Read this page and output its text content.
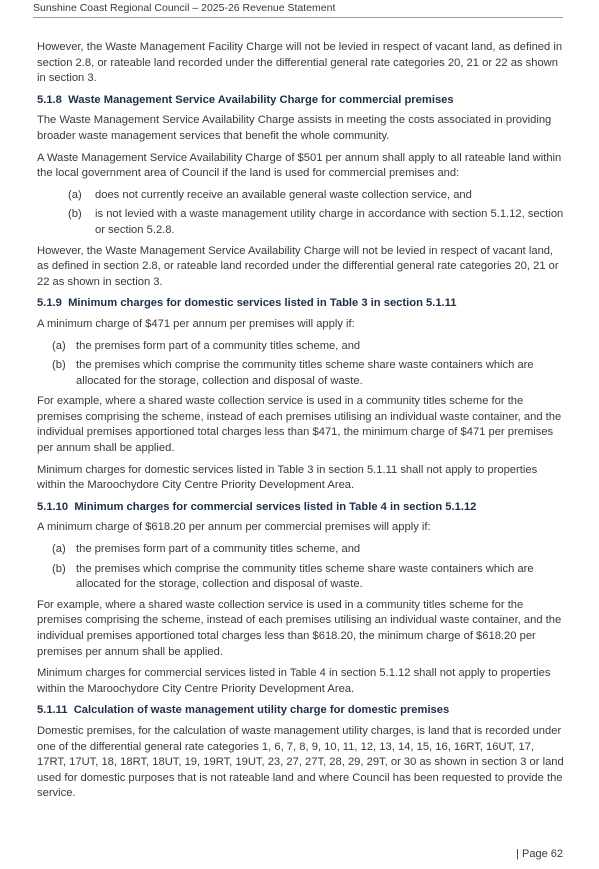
Sunshine Coast Regional Council – 2025-26 Revenue Statement

However, the Waste Management Facility Charge will not be levied in respect of vacant land, as defined in section 2.8, or rateable land recorded under the differential general rate categories 20, 21 or 22 as shown in section 3.

5.1.8 Waste Management Service Availability Charge for commercial premises

The Waste Management Service Availability Charge assists in meeting the costs associated in providing broader waste management services that benefit the whole community.

A Waste Management Service Availability Charge of $501 per annum shall apply to all rateable land within the local government area of Council if the land is used for commercial premises and:

(a)	does not currently receive an available general waste collection service, and
(b)	is not levied with a waste management utility charge in accordance with section 5.1.12, section or section 5.2.8.

However, the Waste Management Service Availability Charge will not be levied in respect of vacant land, as defined in section 2.8, or rateable land recorded under the differential general rate categories 20, 21 or 22 as shown in section 3.

5.1.9 Minimum charges for domestic services listed in Table 3 in section 5.1.11

A minimum charge of $471 per annum per premises will apply if:

(a) the premises form part of a community titles scheme, and
(b) the premises which comprise the community titles scheme share waste containers which are allocated for the storage, collection and disposal of waste.

For example, where a shared waste collection service is used in a community titles scheme for the premises comprising the scheme, instead of each premises utilising an individual waste container, and the individual premises apportioned total charges less than $471, the minimum charge of $471 per premises per annum shall be applied.

Minimum charges for domestic services listed in Table 3 in section 5.1.11 shall not apply to properties within the Maroochydore City Centre Priority Development Area.

5.1.10 Minimum charges for commercial services listed in Table 4 in section 5.1.12

A minimum charge of $618.20 per annum per commercial premises will apply if:

(a) the premises form part of a community titles scheme, and
(b) the premises which comprise the community titles scheme share waste containers which are allocated for the storage, collection and disposal of waste.

For example, where a shared waste collection service is used in a community titles scheme for the premises comprising the scheme, instead of each premises utilising an individual waste container, and the individual premises apportioned total charges less than $618.20, the minimum charge of $618.20 per premises per annum shall be applied.

Minimum charges for commercial services listed in Table 4 in section 5.1.12 shall not apply to properties within the Maroochydore City Centre Priority Development Area.

5.1.11 Calculation of waste management utility charge for domestic premises

Domestic premises, for the calculation of waste management utility charges, is land that is recorded under one of the differential general rate categories 1, 6, 7, 8, 9, 10, 11, 12, 13, 14, 15, 16, 16RT, 16UT, 17, 17RT, 17UT, 18, 18RT, 18UT, 19, 19RT, 19UT, 23, 27, 27T, 28, 29, 29T, or 30 as shown in section 3 or land used for domestic purposes that is not rateable land and where Council has been requested to provide the service.

| Page 62
